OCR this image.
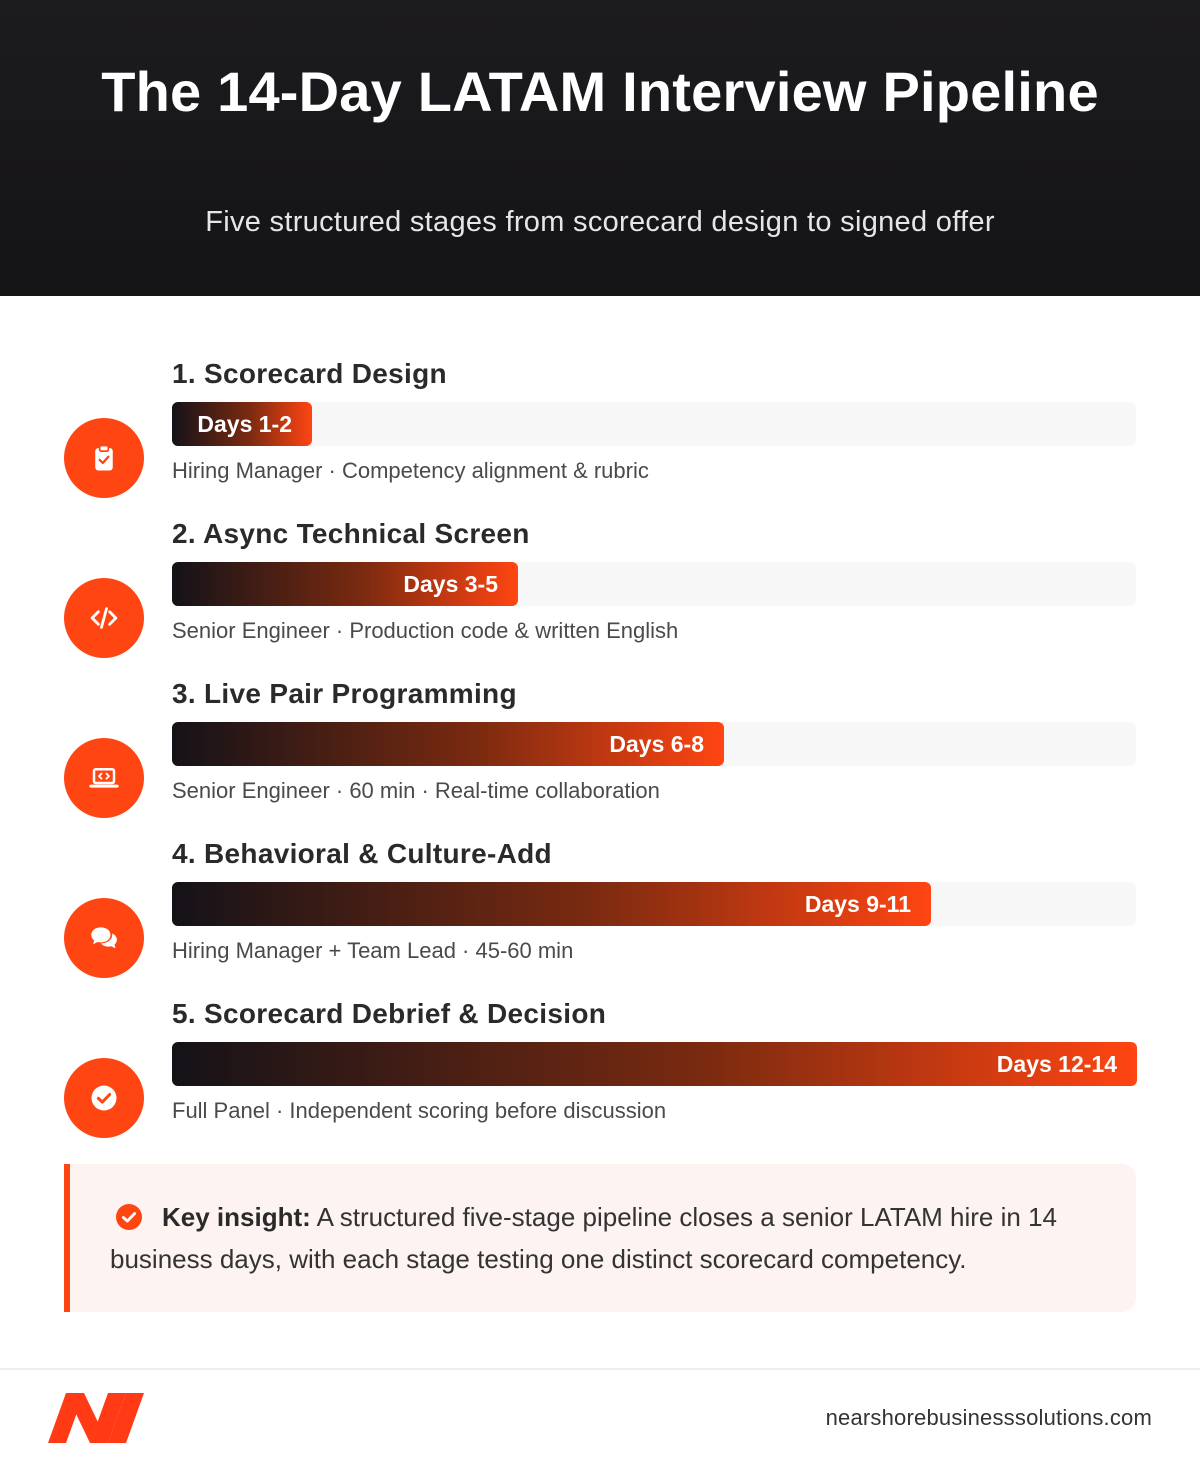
The 14-Day LATAM Interview Pipeline
Five structured stages from scorecard design to signed offer
1. Scorecard Design
Days 1-2
Hiring Manager · Competency alignment & rubric
2. Async Technical Screen
Days 3-5
Senior Engineer · Production code & written English
3. Live Pair Programming
Days 6-8
Senior Engineer · 60 min · Real-time collaboration
4. Behavioral & Culture-Add
Days 9-11
Hiring Manager + Team Lead · 45-60 min
5. Scorecard Debrief & Decision
Days 12-14
Full Panel · Independent scoring before discussion
Key insight: A structured five-stage pipeline closes a senior LATAM hire in 14 business days, with each stage testing one distinct scorecard competency.
nearshorebusinesssolutions.com
